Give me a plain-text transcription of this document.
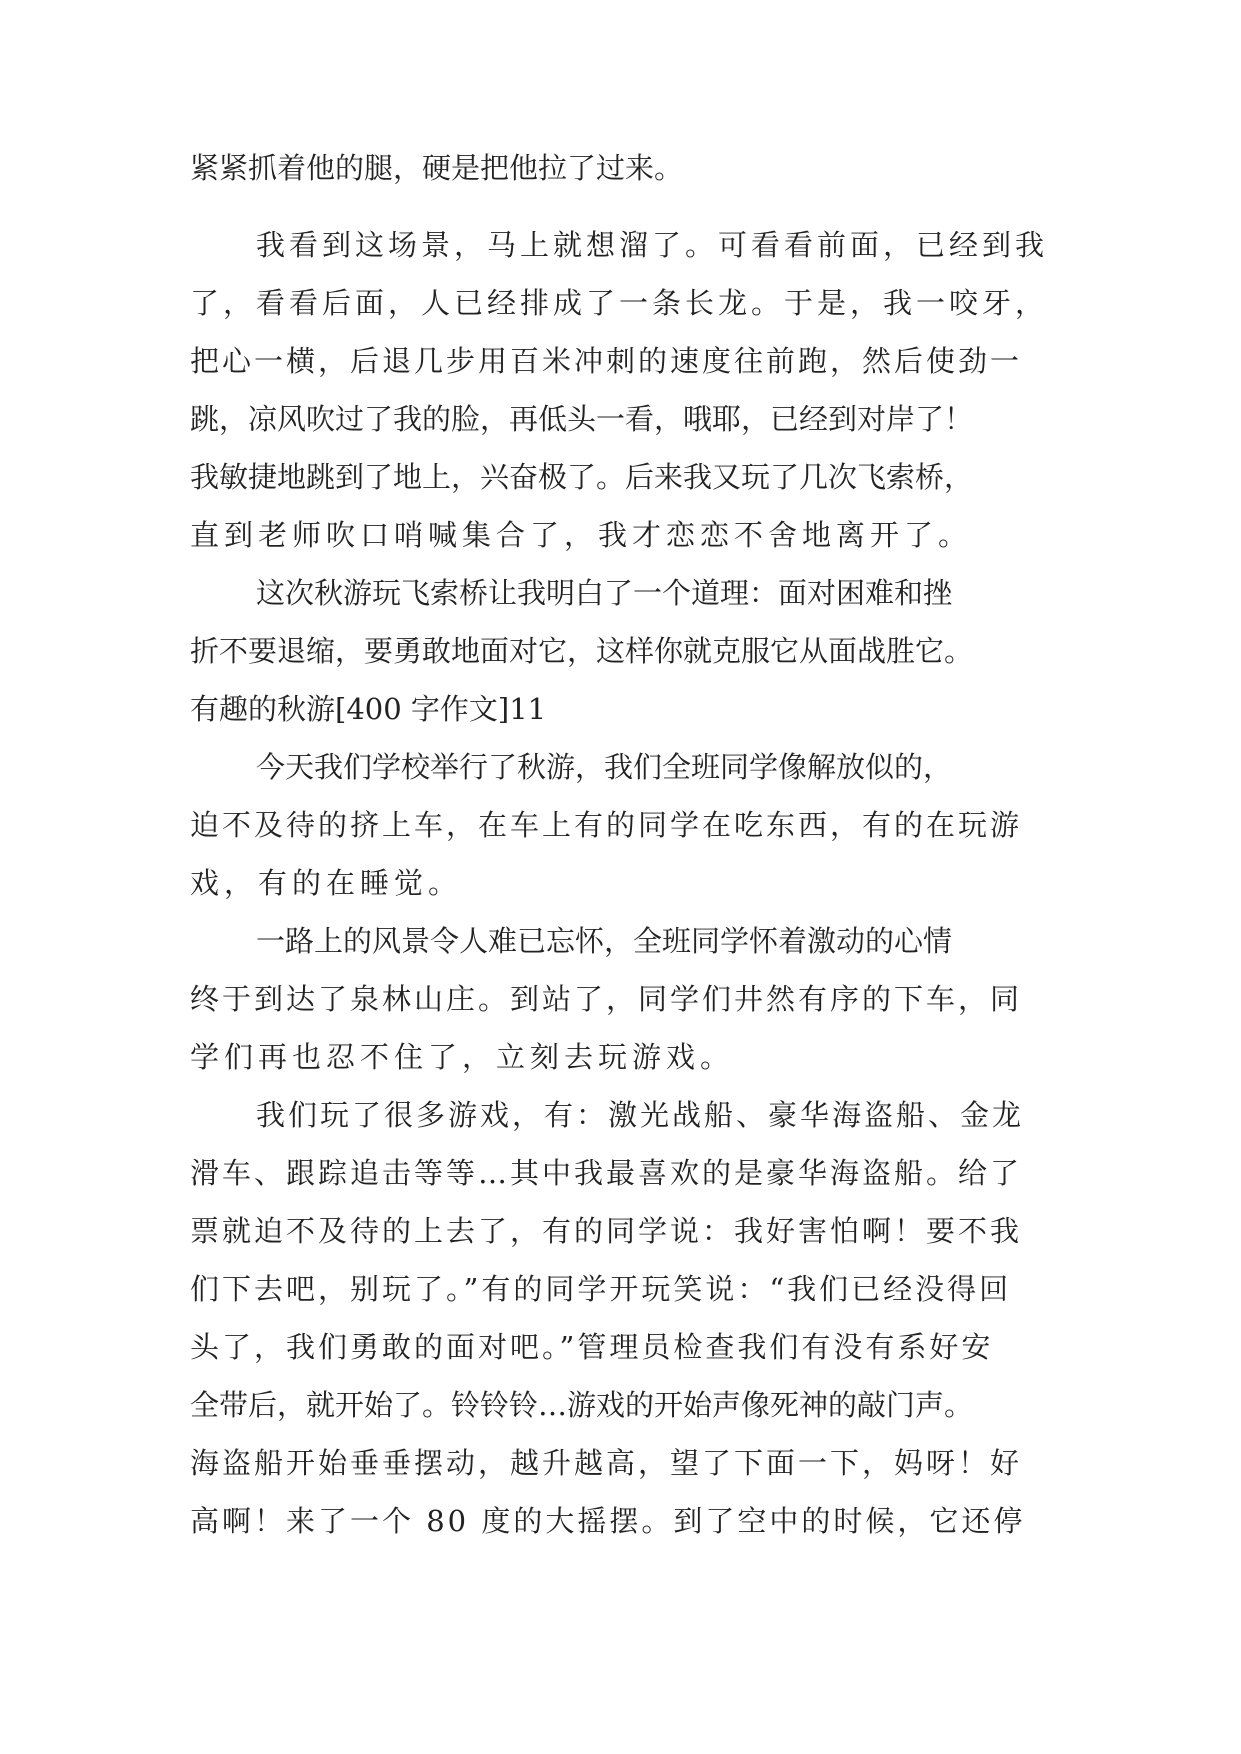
紧紧抓着他的腿，硬是把他拉了过来。

我看到这场景，马上就想溜了。可看看前面，已经到我

了，看看后面，人已经排成了一条长龙。于是，我一咬牙，

把心一横，后退几步用百米冲刺的速度往前跑，然后使劲一

跳，凉风吹过了我的脸，再低头一看，哦耶，已经到对岸了！

我敏捷地跳到了地上，兴奋极了。后来我又玩了几次飞索桥，

直到老师吹口哨喊集合了，我才恋恋不舍地离开了。

这次秋游玩飞索桥让我明白了一个道理：面对困难和挫

折不要退缩，要勇敢地面对它，这样你就克服它从面战胜它。

有趣的秋游[400 字作文]11

今天我们学校举行了秋游，我们全班同学像解放似的，

迫不及待的挤上车，在车上有的同学在吃东西，有的在玩游

戏，有的在睡觉。

一路上的风景令人难已忘怀，全班同学怀着激动的心情

终于到达了泉林山庄。到站了，同学们井然有序的下车，同

学们再也忍不住了，立刻去玩游戏。

我们玩了很多游戏，有：激光战船、豪华海盗船、金龙

滑车、跟踪追击等等…其中我最喜欢的是豪华海盗船。给了

票就迫不及待的上去了，有的同学说：我好害怕啊！要不我

们下去吧，别玩了。”有的同学开玩笑说：“我们已经没得回

头了，我们勇敢的面对吧。”管理员检查我们有没有系好安

全带后，就开始了。铃铃铃…游戏的开始声像死神的敲门声。

海盗船开始垂垂摆动，越升越高，望了下面一下，妈呀！好

高啊！来了一个 80 度的大摇摆。到了空中的时候，它还停
